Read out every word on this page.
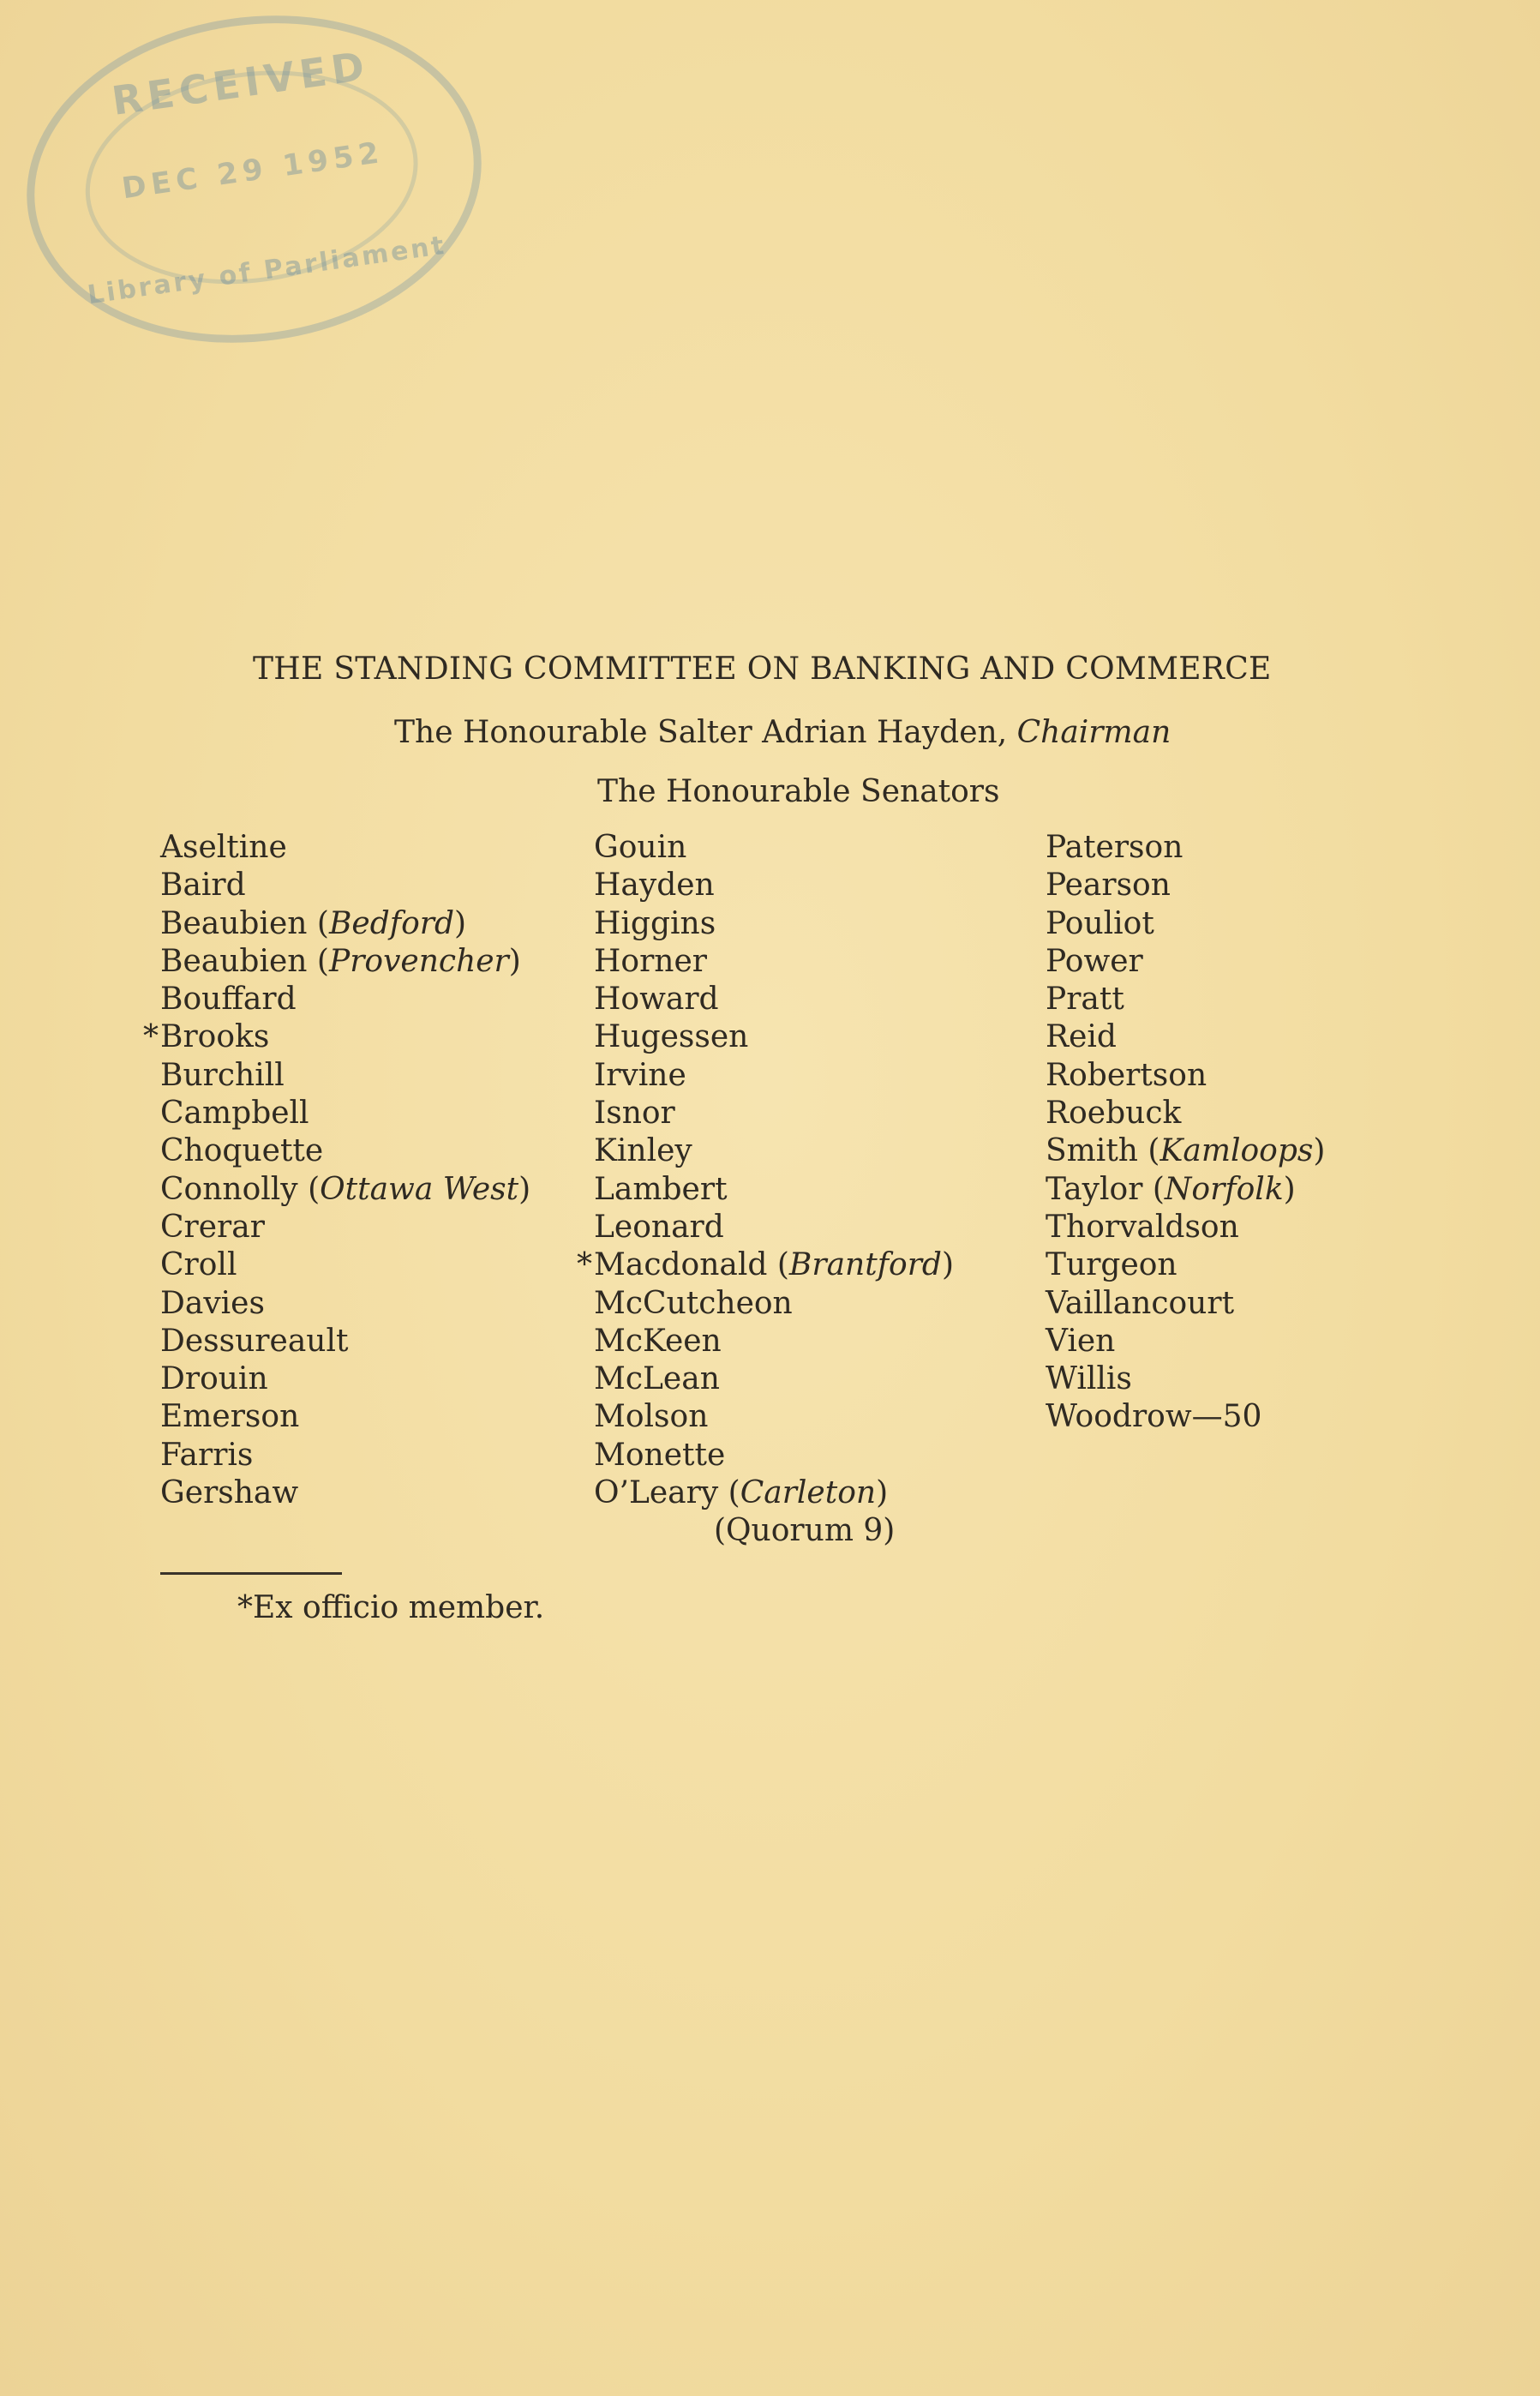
RECEIVED
DEC 29 1952
Library of Parliament
THE STANDING COMMITTEE ON BANKING AND COMMERCE
The Honourable Salter Adrian Hayden, Chairman
The Honourable Senators
Aseltine
Baird
Beaubien (Bedford)
Beaubien (Provencher)
Bouffard
* Brooks
Burchill
Campbell
Choquette
Connolly (Ottawa West)
Crerar
Croll
Davies
Dessureault
Drouin
Emerson
Farris
Gershaw
Gouin
Hayden
Higgins
Horner
Howard
Hugessen
Irvine
Isnor
Kinley
Lambert
Leonard
* Macdonald (Brantford)
McCutcheon
McKeen
McLean
Molson
Monette
O’Leary (Carleton)
Paterson
Pearson
Pouliot
Power
Pratt
Reid
Robertson
Roebuck
Smith (Kamloops)
Taylor (Norfolk)
Thorvaldson
Turgeon
Vaillancourt
Vien
Willis
Woodrow—50
(Quorum 9)
*Ex officio member.
